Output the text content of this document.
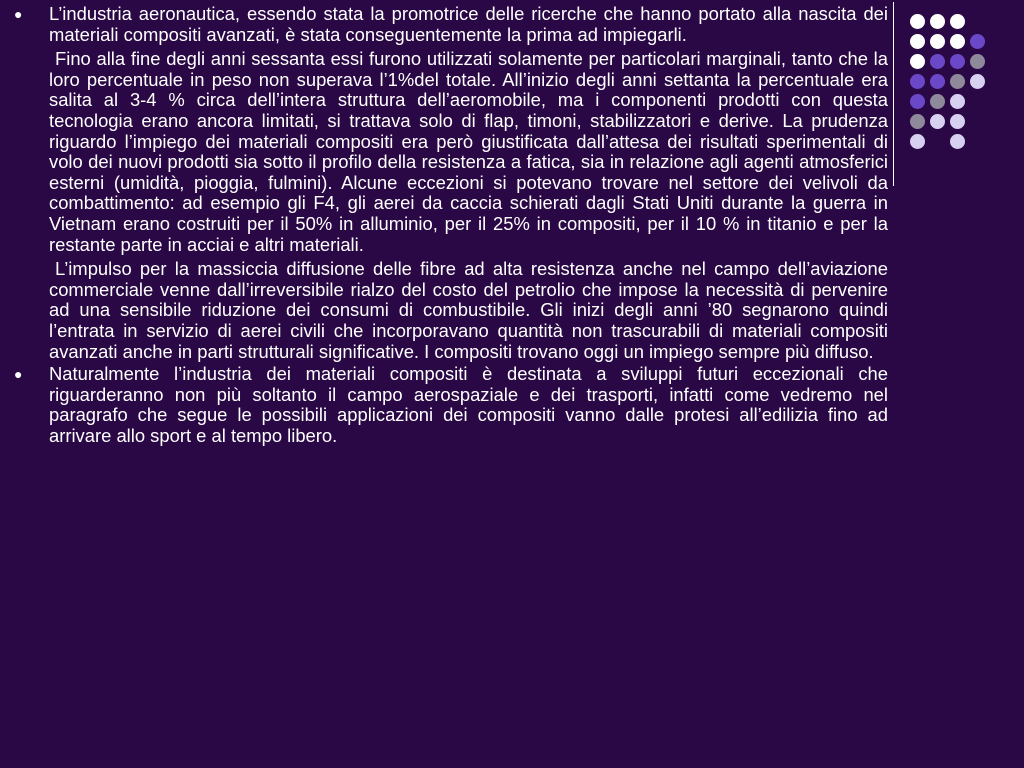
●	L’industria aeronautica, essendo stata la promotrice delle ricerche che hanno portato alla nascita dei materiali compositi avanzati, è stata conseguentemente la prima ad impiegarli.

Fino alla fine degli anni sessanta essi furono utilizzati solamente per particolari marginali, tanto che la loro percentuale in peso non superava l’1%del totale. All’inizio degli anni settanta la percentuale era salita al 3-4 % circa dell’intera struttura dell’aeromobile, ma i componenti prodotti con questa tecnologia erano ancora limitati, si trattava solo di flap, timoni, stabilizzatori e derive. La prudenza riguardo l’impiego dei materiali compositi era però giustificata dall’attesa dei risultati sperimentali di volo dei nuovi prodotti sia sotto il profilo della resistenza a fatica, sia in relazione agli agenti atmosferici esterni (umidità, pioggia, fulmini). Alcune eccezioni si potevano trovare nel settore dei velivoli da combattimento: ad esempio gli F4, gli aerei da caccia schierati dagli Stati Uniti durante la guerra in Vietnam erano costruiti per il 50% in alluminio, per il 25% in compositi, per il 10 % in titanio e per la restante parte in acciai e altri materiali.

L’impulso per la massiccia diffusione delle fibre ad alta resistenza anche nel campo dell’aviazione commerciale venne dall’irreversibile rialzo del costo del petrolio che impose la necessità di pervenire ad una sensibile riduzione dei consumi di combustibile. Gli inizi degli anni ’80 segnarono quindi l’entrata in servizio di aerei civili che incorporavano quantità non trascurabili di materiali compositi avanzati anche in parti strutturali significative. I compositi trovano oggi un impiego sempre più diffuso.

●	Naturalmente l’industria dei materiali compositi è destinata a sviluppi futuri eccezionali che riguarderanno non più soltanto il campo aerospaziale e dei trasporti, infatti come vedremo nel paragrafo che segue le possibili applicazioni dei compositi vanno dalle protesi all’edilizia fino ad arrivare allo sport e al tempo libero.
